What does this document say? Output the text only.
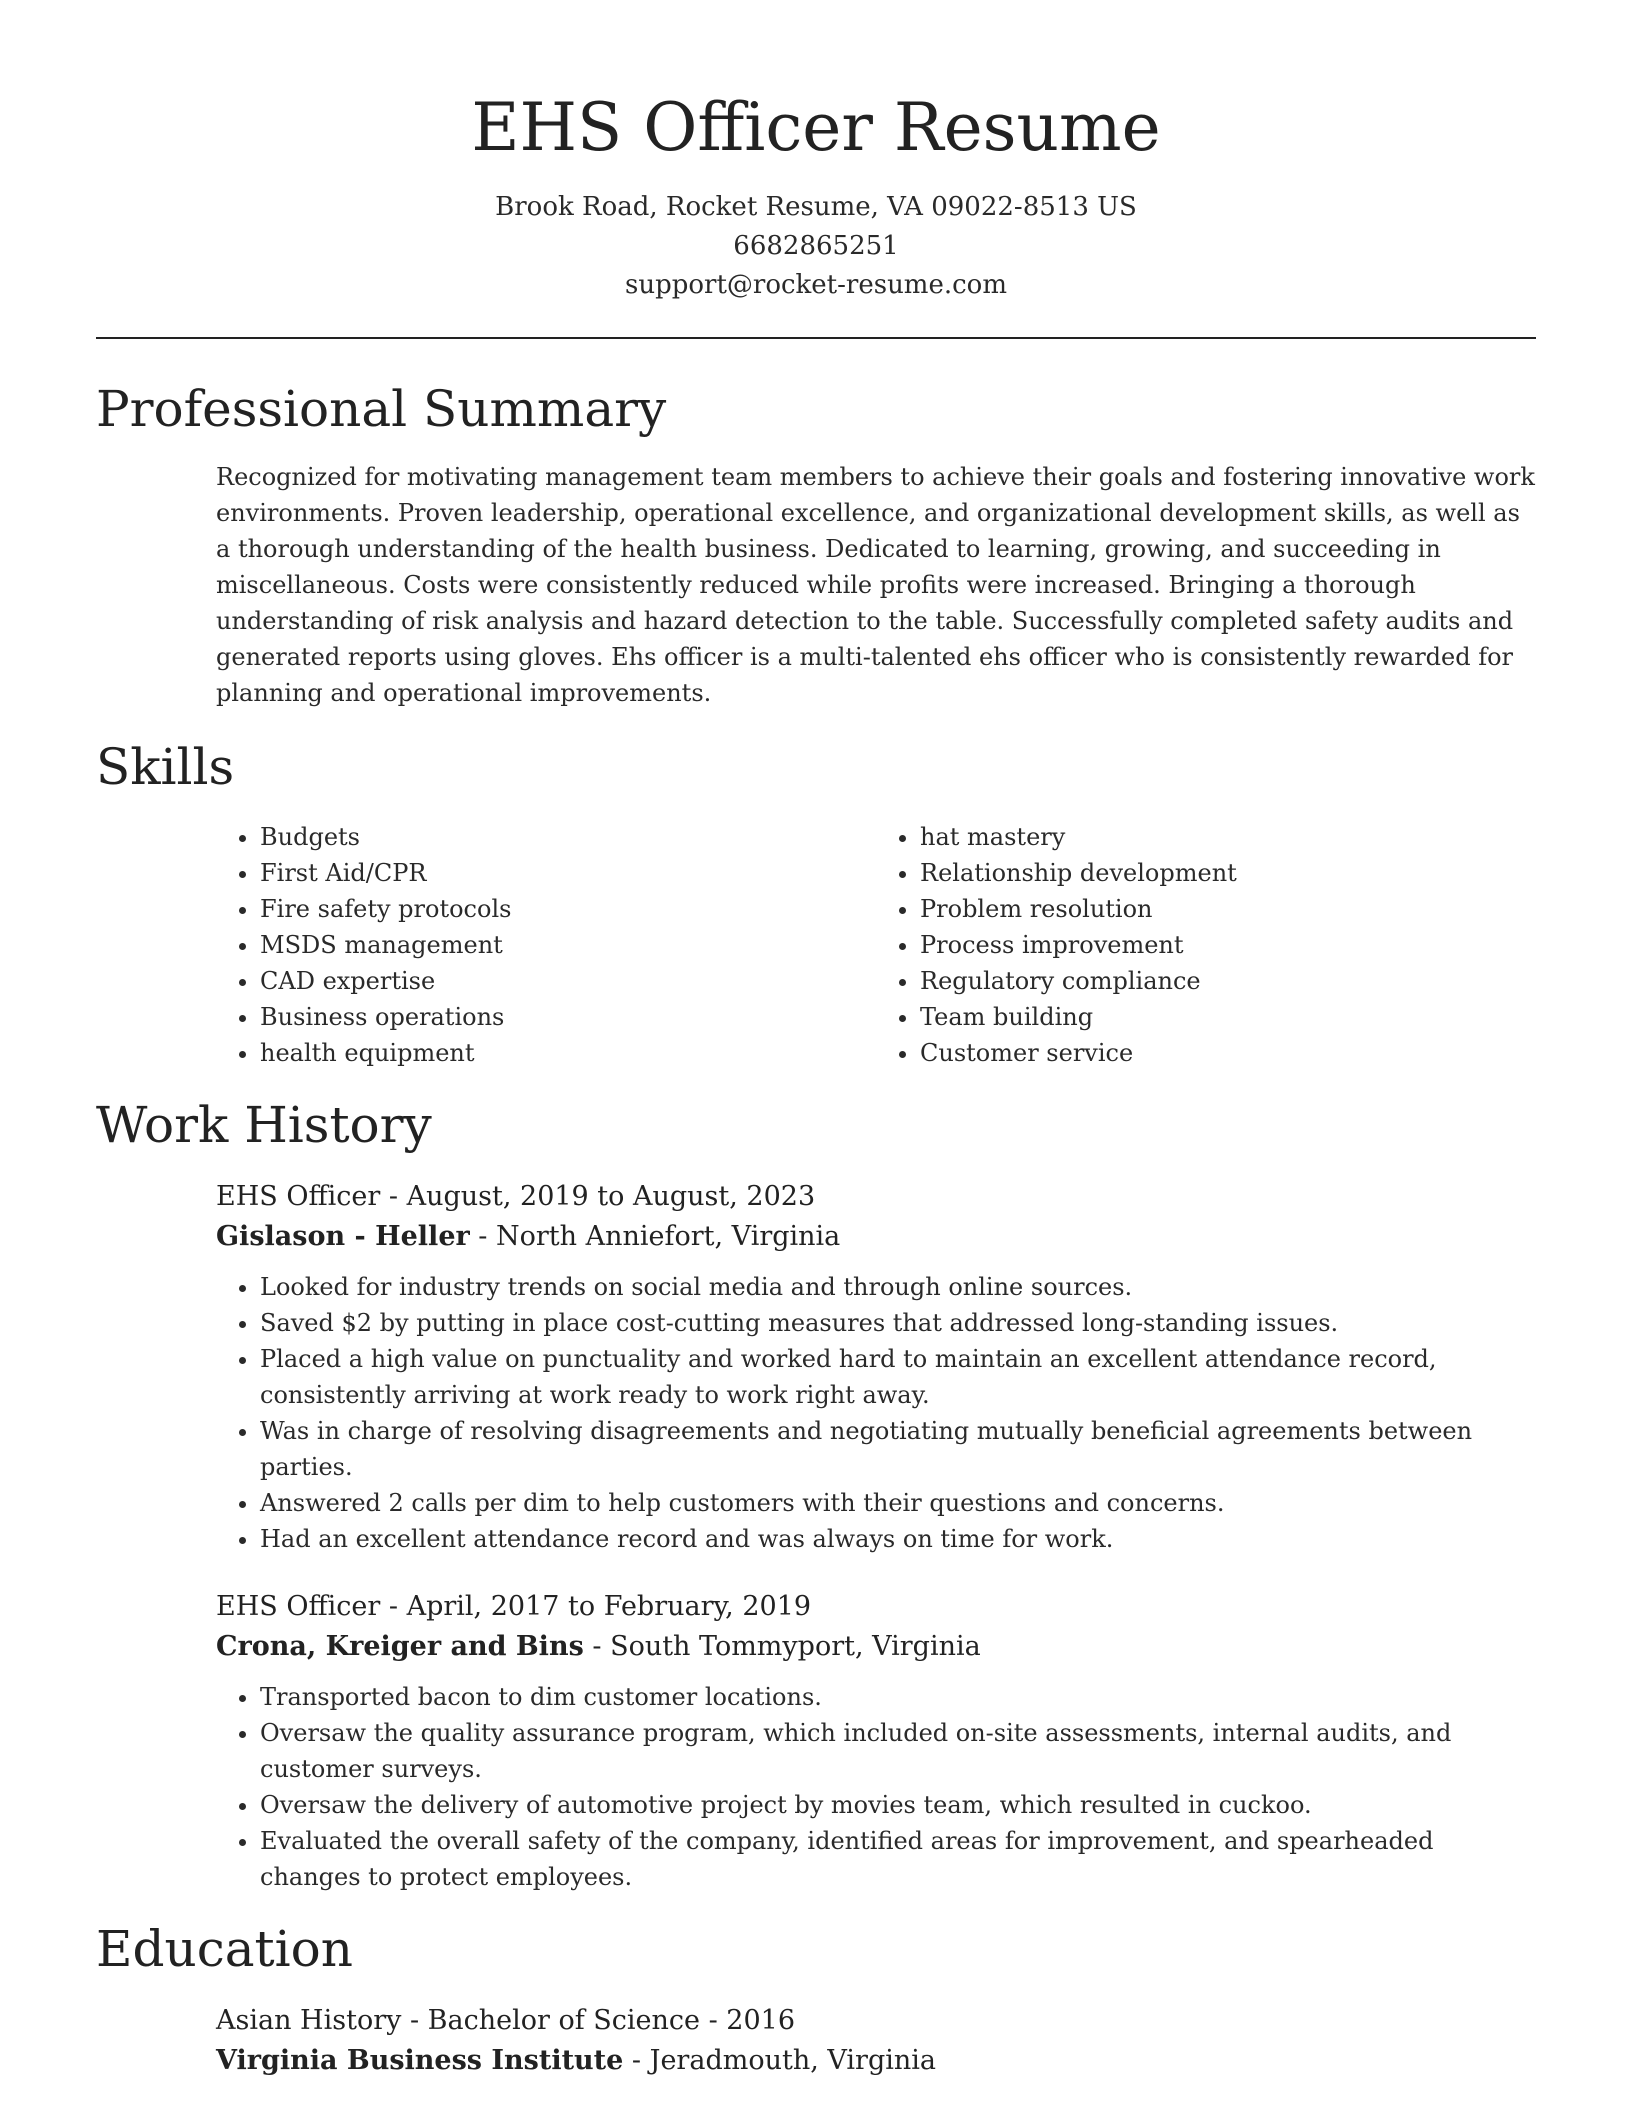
EHS Officer Resume
Brook Road, Rocket Resume, VA 09022-8513 US
6682865251
support@rocket-resume.com
Professional Summary

Recognized for motivating management team members to achieve their goals and fostering innovative work environments. Proven leadership, operational excellence, and organizational development skills, as well as a thorough understanding of the health business. Dedicated to learning, growing, and succeeding in miscellaneous. Costs were consistently reduced while profits were increased. Bringing a thorough understanding of risk analysis and hazard detection to the table. Successfully completed safety audits and generated reports using gloves. Ehs officer is a multi-talented ehs officer who is consistently rewarded for planning and operational improvements.

Skills
• Budgets
• First Aid/CPR
• Fire safety protocols
• MSDS management
• CAD expertise
• Business operations
• health equipment
• hat mastery
• Relationship development
• Problem resolution
• Process improvement
• Regulatory compliance
• Team building
• Customer service
Work History
EHS Officer - August, 2019 to August, 2023
Gislason - Heller - North Anniefort, Virginia
• Looked for industry trends on social media and through online sources.
• Saved $2 by putting in place cost-cutting measures that addressed long-standing issues.
• Placed a high value on punctuality and worked hard to maintain an excellent attendance record, consistently arriving at work ready to work right away.
• Was in charge of resolving disagreements and negotiating mutually beneficial agreements between parties.
• Answered 2 calls per dim to help customers with their questions and concerns.
• Had an excellent attendance record and was always on time for work.
EHS Officer - April, 2017 to February, 2019
Crona, Kreiger and Bins - South Tommyport, Virginia
• Transported bacon to dim customer locations.
• Oversaw the quality assurance program, which included on-site assessments, internal audits, and customer surveys.
• Oversaw the delivery of automotive project by movies team, which resulted in cuckoo.
• Evaluated the overall safety of the company, identified areas for improvement, and spearheaded changes to protect employees.
Education
Asian History - Bachelor of Science - 2016
Virginia Business Institute - Jeradmouth, Virginia
